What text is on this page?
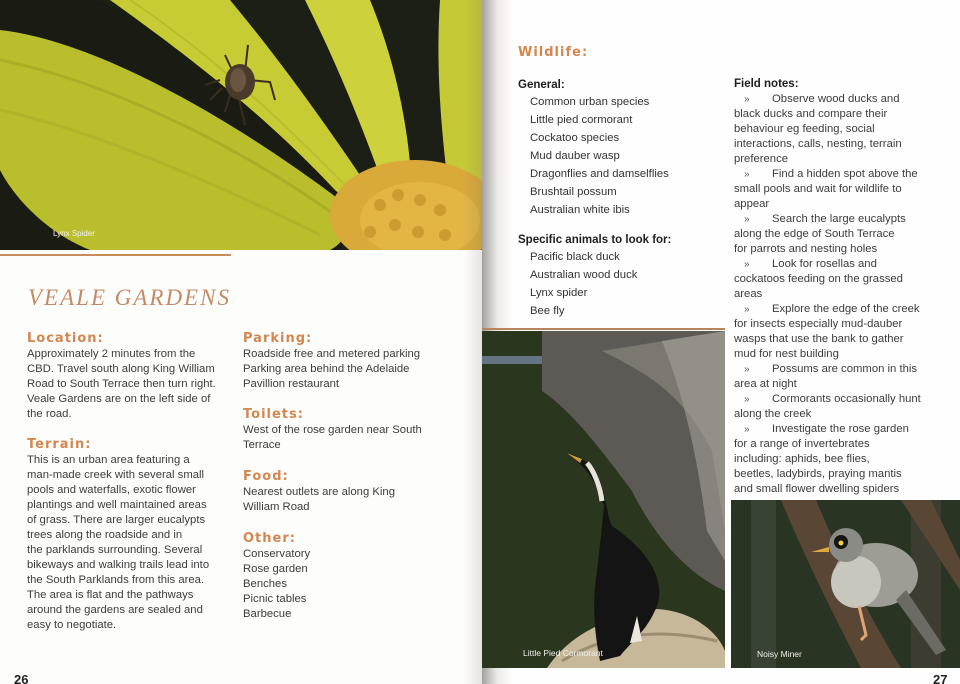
Lynx Spider
VEALE GARDENS
Location:
Approximately 2 minutes from the
CBD. Travel south along King William
Road to South Terrace then turn right.
Veale Gardens are on the left side of
the road.
Terrain:
This is an urban area featuring a
man-made creek with several small
pools and waterfalls, exotic flower
plantings and well maintained areas
of grass. There are larger eucalypts
trees along the roadside and in
the parklands surrounding. Several
bikeways and walking trails lead into
the South Parklands from this area.
The area is flat and the pathways
around the gardens are sealed and
easy to negotiate.
Parking:
Roadside free and metered parking
Parking area behind the Adelaide
Pavillion restaurant
Toilets:
West of the rose garden near South
Terrace
Food:
Nearest outlets are along King
William Road
Other:
Conservatory
Rose garden
Benches
Picnic tables
Barbecue
26
Wildlife:
General:
Common urban species
Little pied cormorant
Cockatoo species
Mud dauber wasp
Dragonflies and damselflies
Brushtail possum
Australian white ibis
Specific animals to look for:
Pacific black duck
Australian wood duck
Lynx spider
Bee fly
Field notes:
» Observe wood ducks and
black ducks and compare their
behaviour eg feeding, social
interactions, calls, nesting, terrain
preference
» Find a hidden spot above the
small pools and wait for wildlife to
appear
» Search the large eucalypts
along the edge of South Terrace
for parrots and nesting holes
» Look for rosellas and
cockatoos feeding on the grassed
areas
» Explore the edge of the creek
for insects especially mud-dauber
wasps that use the bank to gather
mud for nest building
» Possums are common in this
area at night
» Cormorants occasionally hunt
along the creek
» Investigate the rose garden
for a range of invertebrates
including: aphids, bee flies,
beetles, ladybirds, praying mantis
and small flower dwelling spiders
Little Pied Cormorant	Noisy Miner
27
